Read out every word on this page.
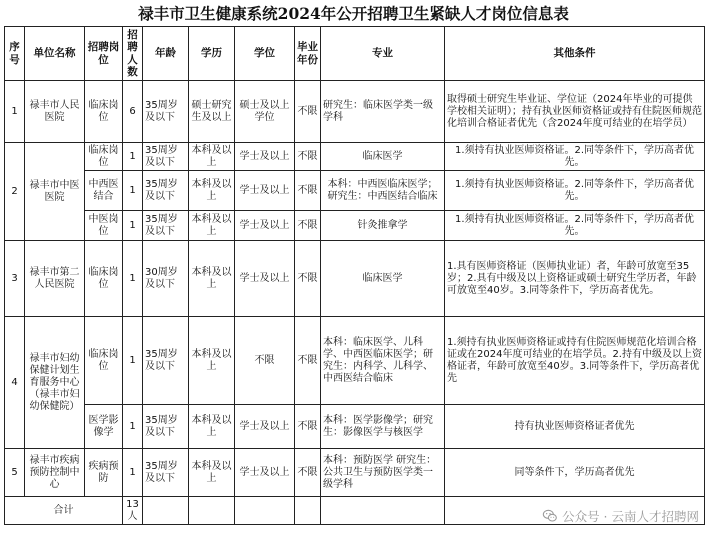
禄丰市卫生健康系统2024年公开招聘卫生紧缺人才岗位信息表
序号	单位名称	招聘岗位	招聘人数	年龄	学历	学位	毕业年份	专业	其他条件
1	禄丰市人民医院	临床岗位	6	35周岁及以下	硕士研究生及以上	硕士及以上学位	不限	研究生：临床医学类一级学科	取得硕士研究生毕业证、学位证（2024年毕业的可提供学校相关证明）；持有执业医师资格证或持有住院医师规范化培训合格证者优先（含2024年度可结业的在培学员）
2	禄丰市中医医院	临床岗位	1	35周岁及以下	本科及以上	学士及以上	不限	临床医学	1.须持有执业医师资格证。2.同等条件下，学历高者优先。
		中西医结合	1	35周岁及以下	本科及以上	学士及以上	不限	本科：中西医临床医学；研究生：中西医结合临床	1.须持有执业医师资格证。2.同等条件下，学历高者优先。
		中医岗位	1	35周岁及以下	本科及以上	学士及以上	不限	针灸推拿学	1.须持有执业医师资格证。2.同等条件下，学历高者优先。
3	禄丰市第二人民医院	临床岗位	1	30周岁及以下	本科及以上	学士及以上	不限	临床医学	1.具有医师资格证（医师执业证）者，年龄可放宽至35岁；2.具有中级及以上资格证或硕士研究生学历者，年龄可放宽至40岁。3.同等条件下，学历高者优先。
4	禄丰市妇幼保健计划生育服务中心（禄丰市妇幼保健院）	临床岗位	1	35周岁及以下	本科及以上	不限	不限	本科：临床医学、儿科学、中西医临床医学；研究生：内科学、儿科学、中西医结合临床	1.须持有执业医师资格证或持有住院医师规范化培训合格证或在2024年度可结业的在培学员。2.持有中级及以上资格证者，年龄可放宽至40岁。3.同等条件下，学历高者优先
		医学影像学	1	35周岁及以下	本科及以上	学士及以上	不限	本科：医学影像学；研究生：影像医学与核医学	持有执业医师资格证者优先
5	禄丰市疾病预防控制中心	疾病预防	1	35周岁及以下	本科及以上	学士及以上	不限	本科：预防医学 研究生：公共卫生与预防医学类一级学科	同等条件下，学历高者优先
合计			13人							公众号 · 云南人才招聘网
